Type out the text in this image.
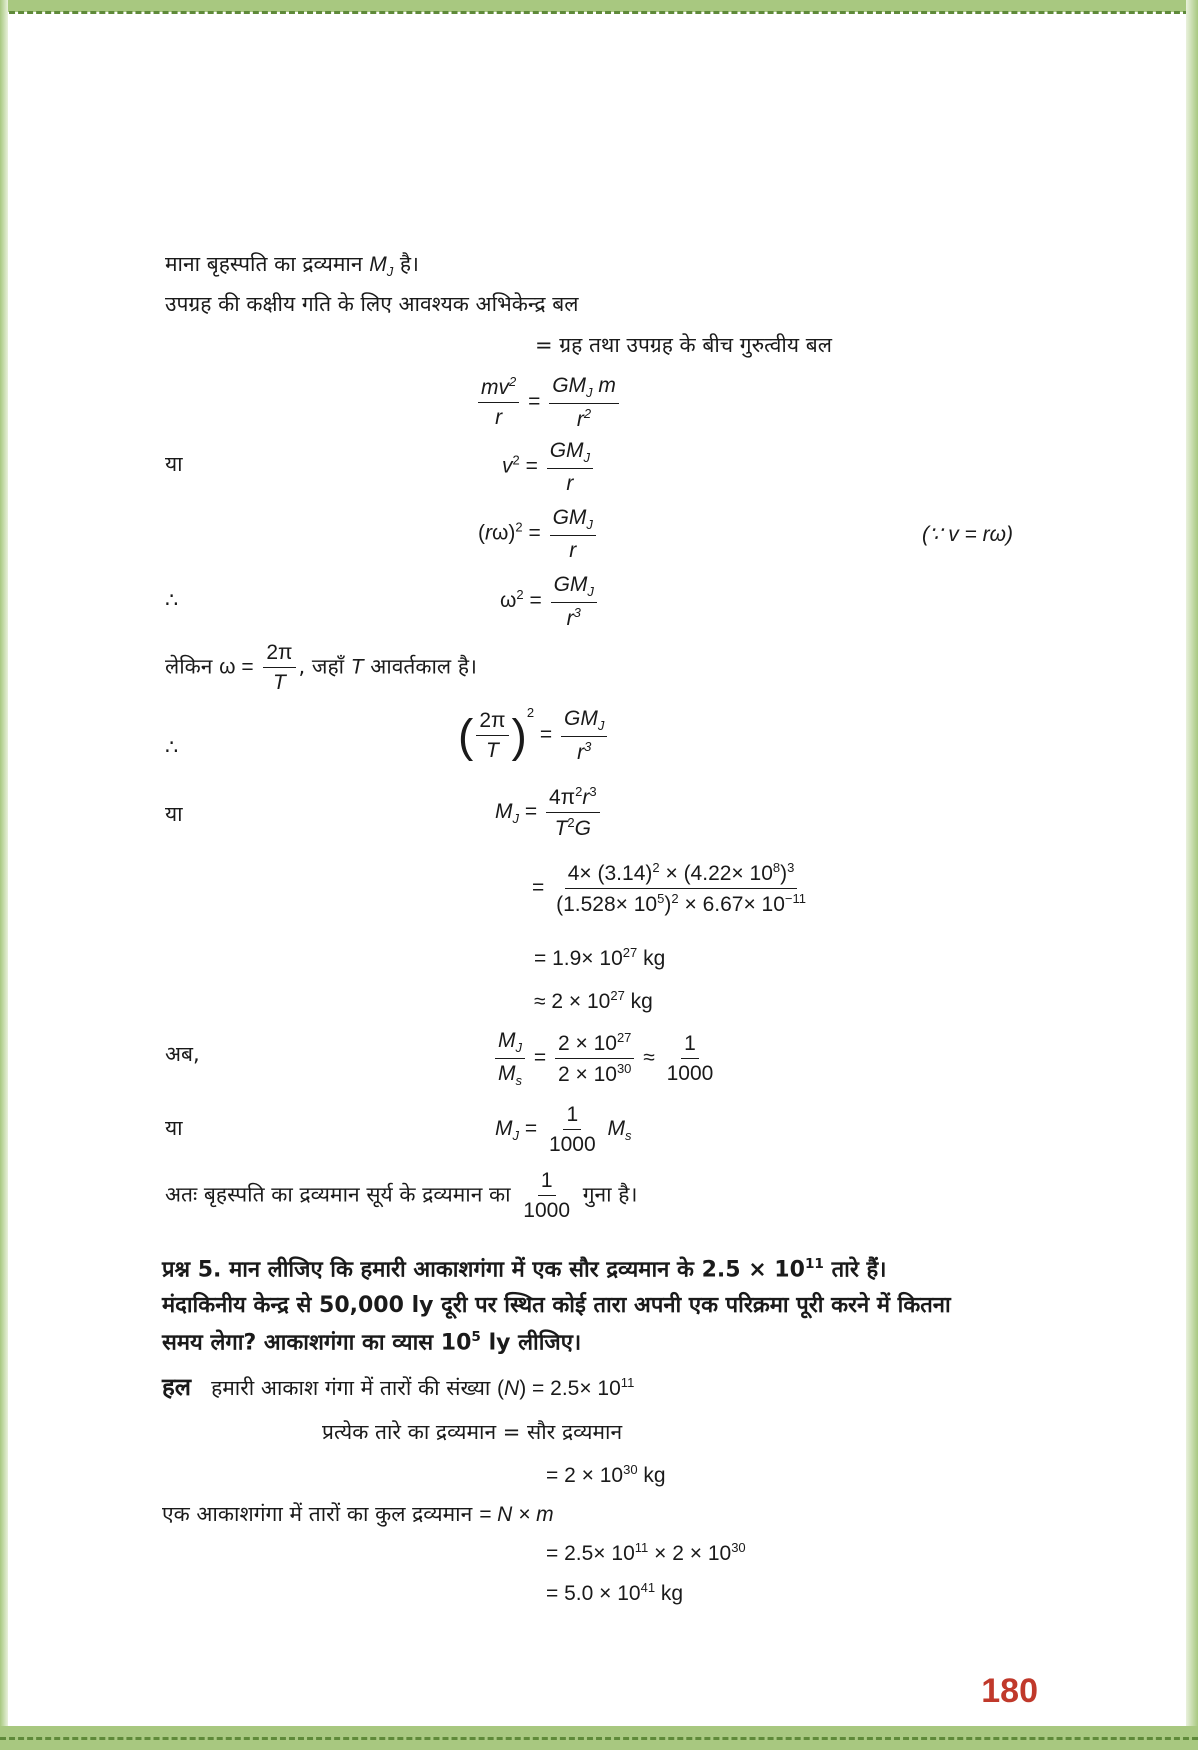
माना बृहस्पति का द्रव्यमान $M_J$ है।
उपग्रह की कक्षीय गति के लिए आवश्यक अभिकेन्द्र बल
= ग्रह तथा उपग्रह के बीच गुरुत्वीय बल
$\frac{mv^2}{r} = \frac{GM_J m}{r^2}$
या	$v^2 = \frac{GM_J}{r}$
$(r\omega)^2 = \frac{GM_J}{r}$	(∵ v = rω)
∴	$\omega^2 = \frac{GM_J}{r^3}$
लेकिन $\omega = \frac{2\pi}{T}$ , जहाँ T आवर्तकाल है।
∴	( $\frac{2\pi}{T} )^2 = \frac{GM_J}{r^3}$
या	$M_J = \frac{4\pi^2r^3}{T^2G}$
= $\frac{4\times (3.14)^2 \times (4.22\times 10^8)^3}{(1.528\times 10^5)^2 \times 6.67\times 10^{-11}}$
= $1.9\times 10^{27}$ kg
≈ $2 \times 10^{27}$ kg
अब,	$\frac{M_J}{M_s} = \frac{2 \times 10^{27}}{2 \times 10^{30}} \approx \frac{1}{1000}$
या	$M_J = \frac{1}{1000} M_s$
अतः बृहस्पति का द्रव्यमान सूर्य के द्रव्यमान का $\frac{1}{1000}$ गुना है।
प्रश्न 5. मान लीजिए कि हमारी आकाशगंगा में एक सौर द्रव्यमान के $2.5 \times 10^{11}$ तारे हैं।
मंदाकिनीय केन्द्र से 50,000 ly दूरी पर स्थित कोई तारा अपनी एक परिक्रमा पूरी करने में कितना
समय लेगा? आकाशगंगा का व्यास $10^5$ ly लीजिए।
हल हमारी आकाश गंगा में तारों की संख्या $(N) = 2.5\times 10^{11}$
प्रत्येक तारे का द्रव्यमान = सौर द्रव्यमान
= $2 \times 10^{30}$ kg
एक आकाशगंगा में तारों का कुल द्रव्यमान = N × m
= $2.5\times 10^{11} \times 2 \times 10^{30}$
= $5.0 \times 10^{41}$ kg
180
